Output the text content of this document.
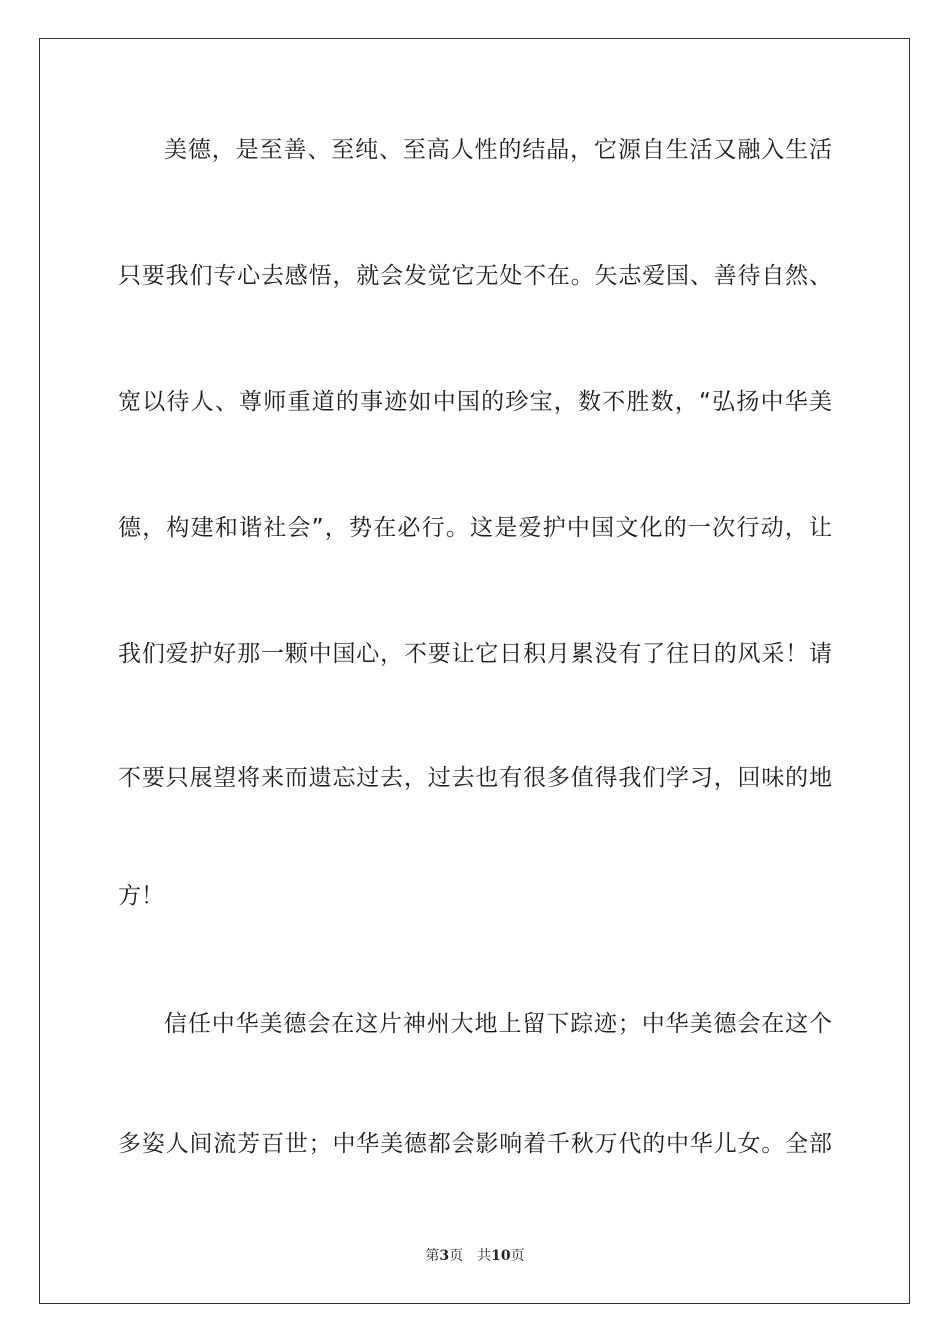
美德，是至善、至纯、至高人性的结晶，它源自生活又融入生活
只要我们专心去感悟，就会发觉它无处不在。矢志爱国、善待自然、
宽以待人、尊师重道的事迹如中国的珍宝，数不胜数，“弘扬中华美
德，构建和谐社会”，势在必行。这是爱护中国文化的一次行动，让
我们爱护好那一颗中国心，不要让它日积月累没有了往日的风采！请
不要只展望将来而遗忘过去，过去也有很多值得我们学习，回味的地
方！
信任中华美德会在这片神州大地上留下踪迹；中华美德会在这个
多姿人间流芳百世；中华美德都会影响着千秋万代的中华儿女。全部
第3页 共10页
